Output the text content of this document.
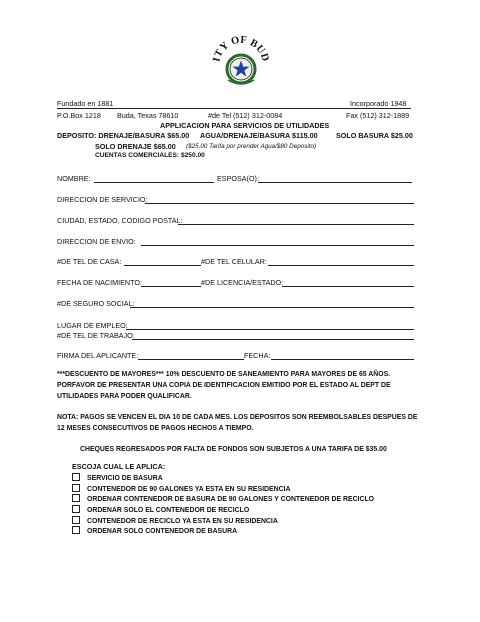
ITY OF BUD
Fundado en 1881	Incorporado 1948
P.O.Box 1218 Buda, Texas 78610	#de Tel (512) 312-0084	Fax (512) 312-1889
APPLICACION PARA SERVICIOS DE UTILIDADES
DEPOSITO: DRENAJE/BASURA $65.00 AGUA/DRENAJE/BASURA $115.00	SOLO BASURA $25.00
SOLO DRENAJE $65.00 ($25.00 Tarifa por prender Agua/$80 Deposito)
CUENTAS COMERCIALES: $250.00
NOMBRE:	ESPOSA(O):
DIRECCION DE SERVICIO:
CIUDAD, ESTADO, CODIGO POSTAL:
DIRECCION DE ENVIO:
#DE TEL DE CASA:	#DE TEL CELULAR:
FECHA DE NACIMIENTO:	#DE LICENCIA/ESTADO:
#DE SEGURO SOCIAL:
LUGAR DE EMPLEO:
#DE TEL DE TRABAJO:
FIRMA DEL APLICANTE:	FECHA:
***DESCUENTO DE MAYORES*** 10% DESCUENTO DE SANEAMIENTO PARA MAYORES DE 65 AÑOS.
PORFAVOR DE PRESENTAR UNA COPIA DE IDENTIFICACION EMITIDO POR EL ESTADO AL DEPT DE
UTILIDADES PARA PODER QUALIFICAR.
NOTA: PAGOS SE VENCEN EL DIA 10 DE CADA MES. LOS DEPOSITOS SON REEMBOLSABLES DESPUES DE
12 MESES CONSECUTIVOS DE PAGOS HECHOS A TIEMPO.
CHEQUES REGRESADOS POR FALTA DE FONDOS SON SUBJETOS A UNA TARIFA DE $35.00
ESCOJA CUAL LE APLICA:
SERVICIO DE BASURA
CONTENEDOR DE 90 GALONES YA ESTA EN SU RESIDENCIA
ORDENAR CONTENEDOR DE BASURA DE 90 GALONES Y CONTENEDOR DE RECICLO
ORDENAR SOLO EL CONTENEDOR DE RECICLO
CONTENEDOR DE RECICLO YA ESTA EN SU RESIDENCIA
ORDENAR SOLO CONTENEDOR DE BASURA
